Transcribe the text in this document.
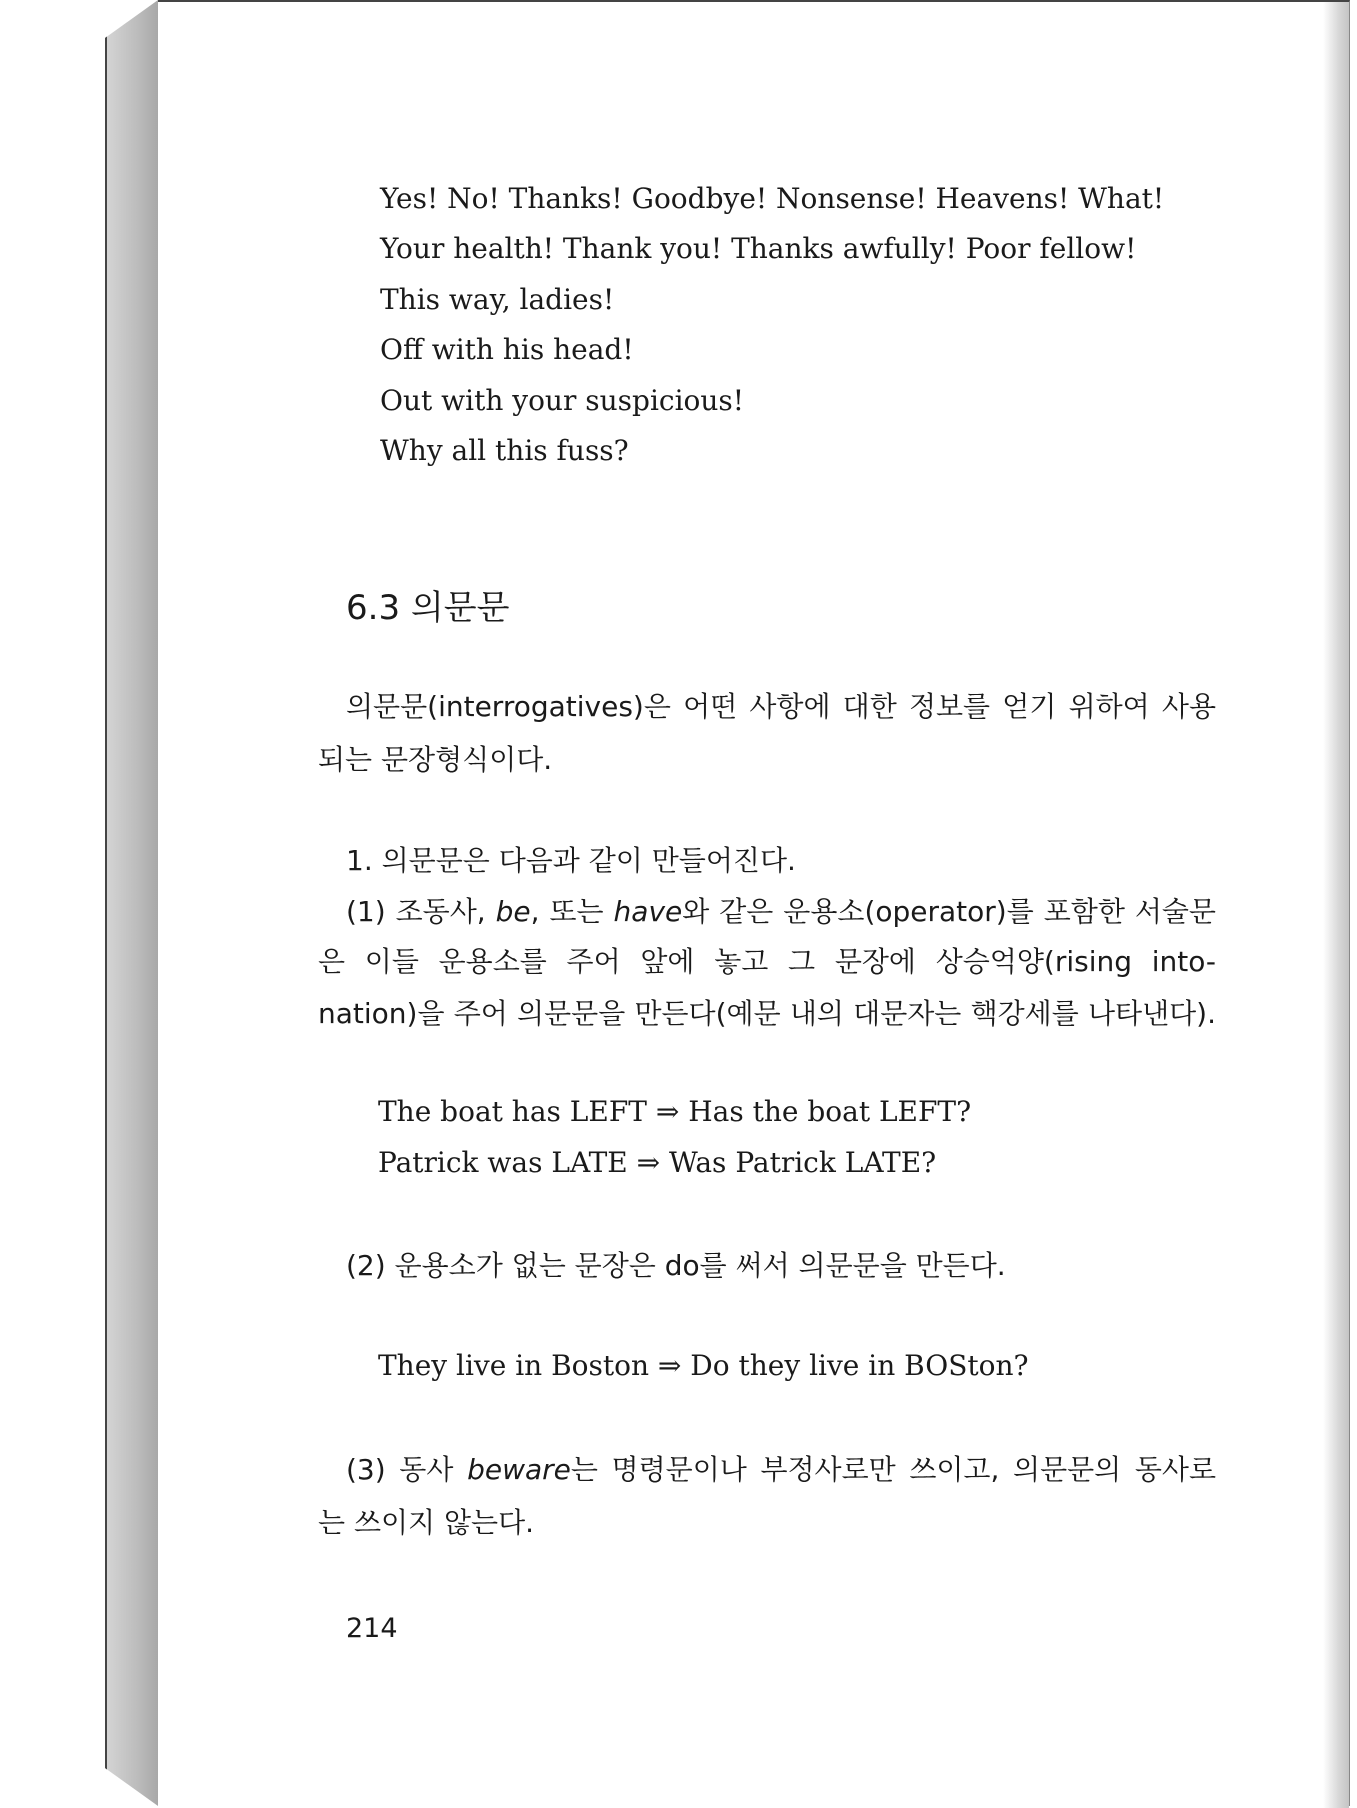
Yes! No! Thanks! Goodbye! Nonsense! Heavens! What!

Your health! Thank you! Thanks awfully! Poor fellow!

This way, ladies!

Off with his head!

Out with your suspicious!

Why all this fuss?

6.3 의문문

의문문(interrogatives)은 어떤 사항에 대한 정보를 얻기 위하여 사용

되는 문장형식이다.

1. 의문문은 다음과 같이 만들어진다.

(1) 조동사, be, 또는 have와 같은 운용소(operator)를 포함한 서술문

은 이들 운용소를 주어 앞에 놓고 그 문장에 상승억양(rising into-

nation)을 주어 의문문을 만든다(예문 내의 대문자는 핵강세를 나타낸다).

The boat has LEFT ⇒ Has the boat LEFT?

Patrick was LATE ⇒ Was Patrick LATE?

(2) 운용소가 없는 문장은 do를 써서 의문문을 만든다.

They live in Boston ⇒ Do they live in BOSton?

(3) 동사 beware는 명령문이나 부정사로만 쓰이고, 의문문의 동사로

는 쓰이지 않는다.

214
